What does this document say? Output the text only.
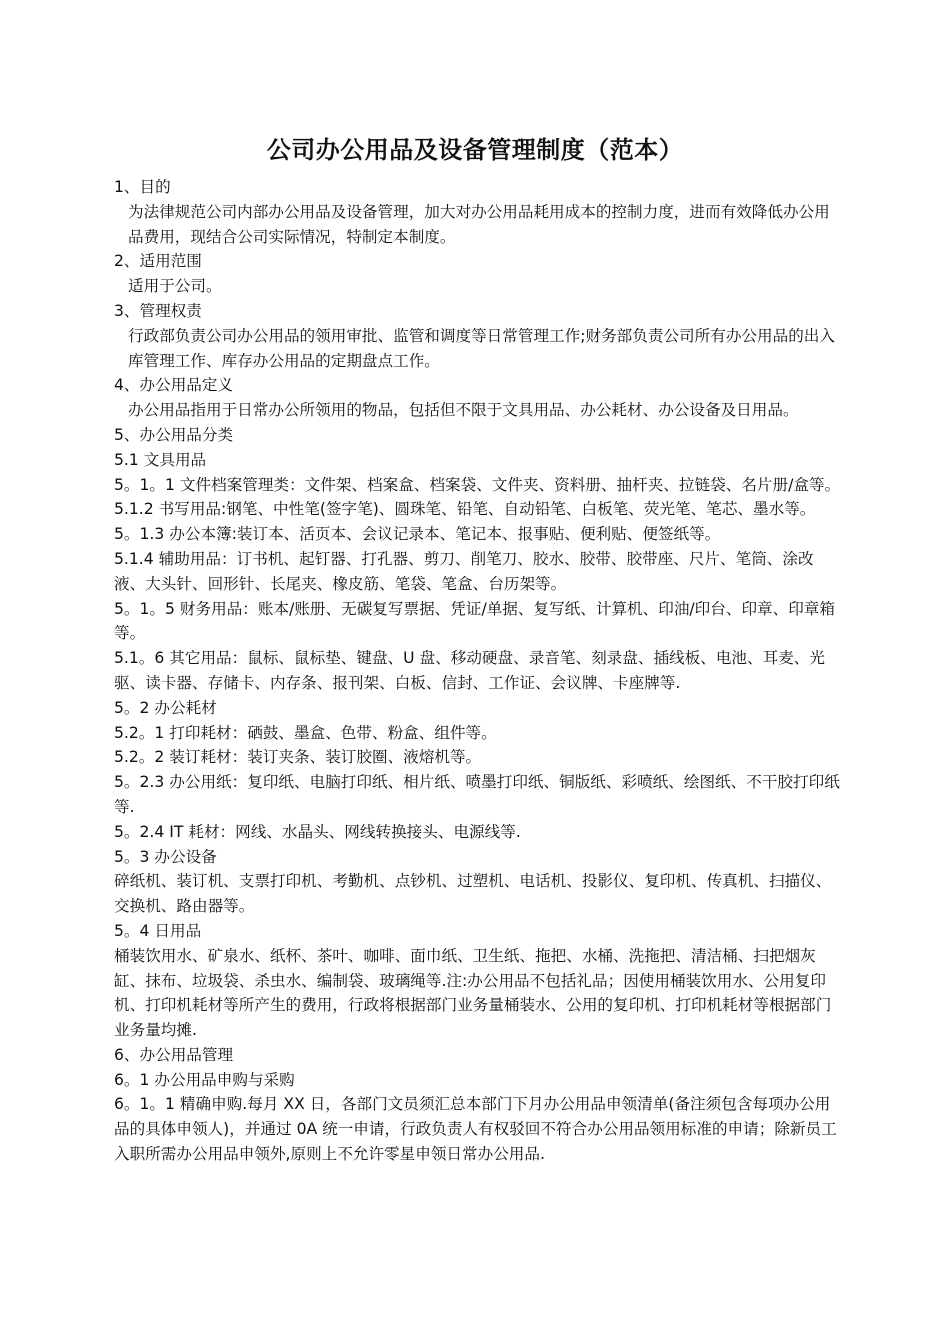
公司办公用品及设备管理制度（范本）

1、目的

为法律规范公司内部办公用品及设备管理，加大对办公用品耗用成本的控制力度，进而有效降低办公用品费用，现结合公司实际情况，特制定本制度。

2、适用范围

适用于公司。

3、管理权责

行政部负责公司办公用品的领用审批、监管和调度等日常管理工作;财务部负责公司所有办公用品的出入库管理工作、库存办公用品的定期盘点工作。

4、办公用品定义

办公用品指用于日常办公所领用的物品，包括但不限于文具用品、办公耗材、办公设备及日用品。

5、办公用品分类

5.1 文具用品

5。1。1 文件档案管理类：文件架、档案盒、档案袋、文件夹、资料册、抽杆夹、拉链袋、名片册/盒等。

5.1.2 书写用品:钢笔、中性笔(签字笔)、圆珠笔、铅笔、自动铅笔、白板笔、荧光笔、笔芯、墨水等。

5。1.3 办公本簿:装订本、活页本、会议记录本、笔记本、报事贴、便利贴、便签纸等。

5.1.4 辅助用品：订书机、起钉器、打孔器、剪刀、削笔刀、胶水、胶带、胶带座、尺片、笔筒、涂改液、大头针、回形针、长尾夹、橡皮筋、笔袋、笔盒、台历架等。

5。1。5 财务用品：账本/账册、无碳复写票据、凭证/单据、复写纸、计算机、印油/印台、印章、印章箱等。

5.1。6 其它用品：鼠标、鼠标垫、键盘、U 盘、移动硬盘、录音笔、刻录盘、插线板、电池、耳麦、光驱、读卡器、存储卡、内存条、报刊架、白板、信封、工作证、会议牌、卡座牌等.

5。2 办公耗材

5.2。1 打印耗材：硒鼓、墨盒、色带、粉盒、组件等。

5.2。2 装订耗材：装订夹条、装订胶圈、液熔机等。

5。2.3 办公用纸：复印纸、电脑打印纸、相片纸、喷墨打印纸、铜版纸、彩喷纸、绘图纸、不干胶打印纸等.

5。2.4 IT 耗材：网线、水晶头、网线转换接头、电源线等.

5。3 办公设备

碎纸机、装订机、支票打印机、考勤机、点钞机、过塑机、电话机、投影仪、复印机、传真机、扫描仪、交换机、路由器等。

5。4 日用品

桶装饮用水、矿泉水、纸杯、茶叶、咖啡、面巾纸、卫生纸、拖把、水桶、洗拖把、清洁桶、扫把烟灰缸、抹布、垃圾袋、杀虫水、编制袋、玻璃绳等.注:办公用品不包括礼品；因使用桶装饮用水、公用复印机、打印机耗材等所产生的费用，行政将根据部门业务量桶装水、公用的复印机、打印机耗材等根据部门业务量均摊.

6、办公用品管理

6。1 办公用品申购与采购

6。1。1 精确申购.每月 XX 日，各部门文员须汇总本部门下月办公用品申领清单(备注须包含每项办公用品的具体申领人)，并通过 0A 统一申请，行政负责人有权驳回不符合办公用品领用标准的申请；除新员工入职所需办公用品申领外,原则上不允许零星申领日常办公用品.
